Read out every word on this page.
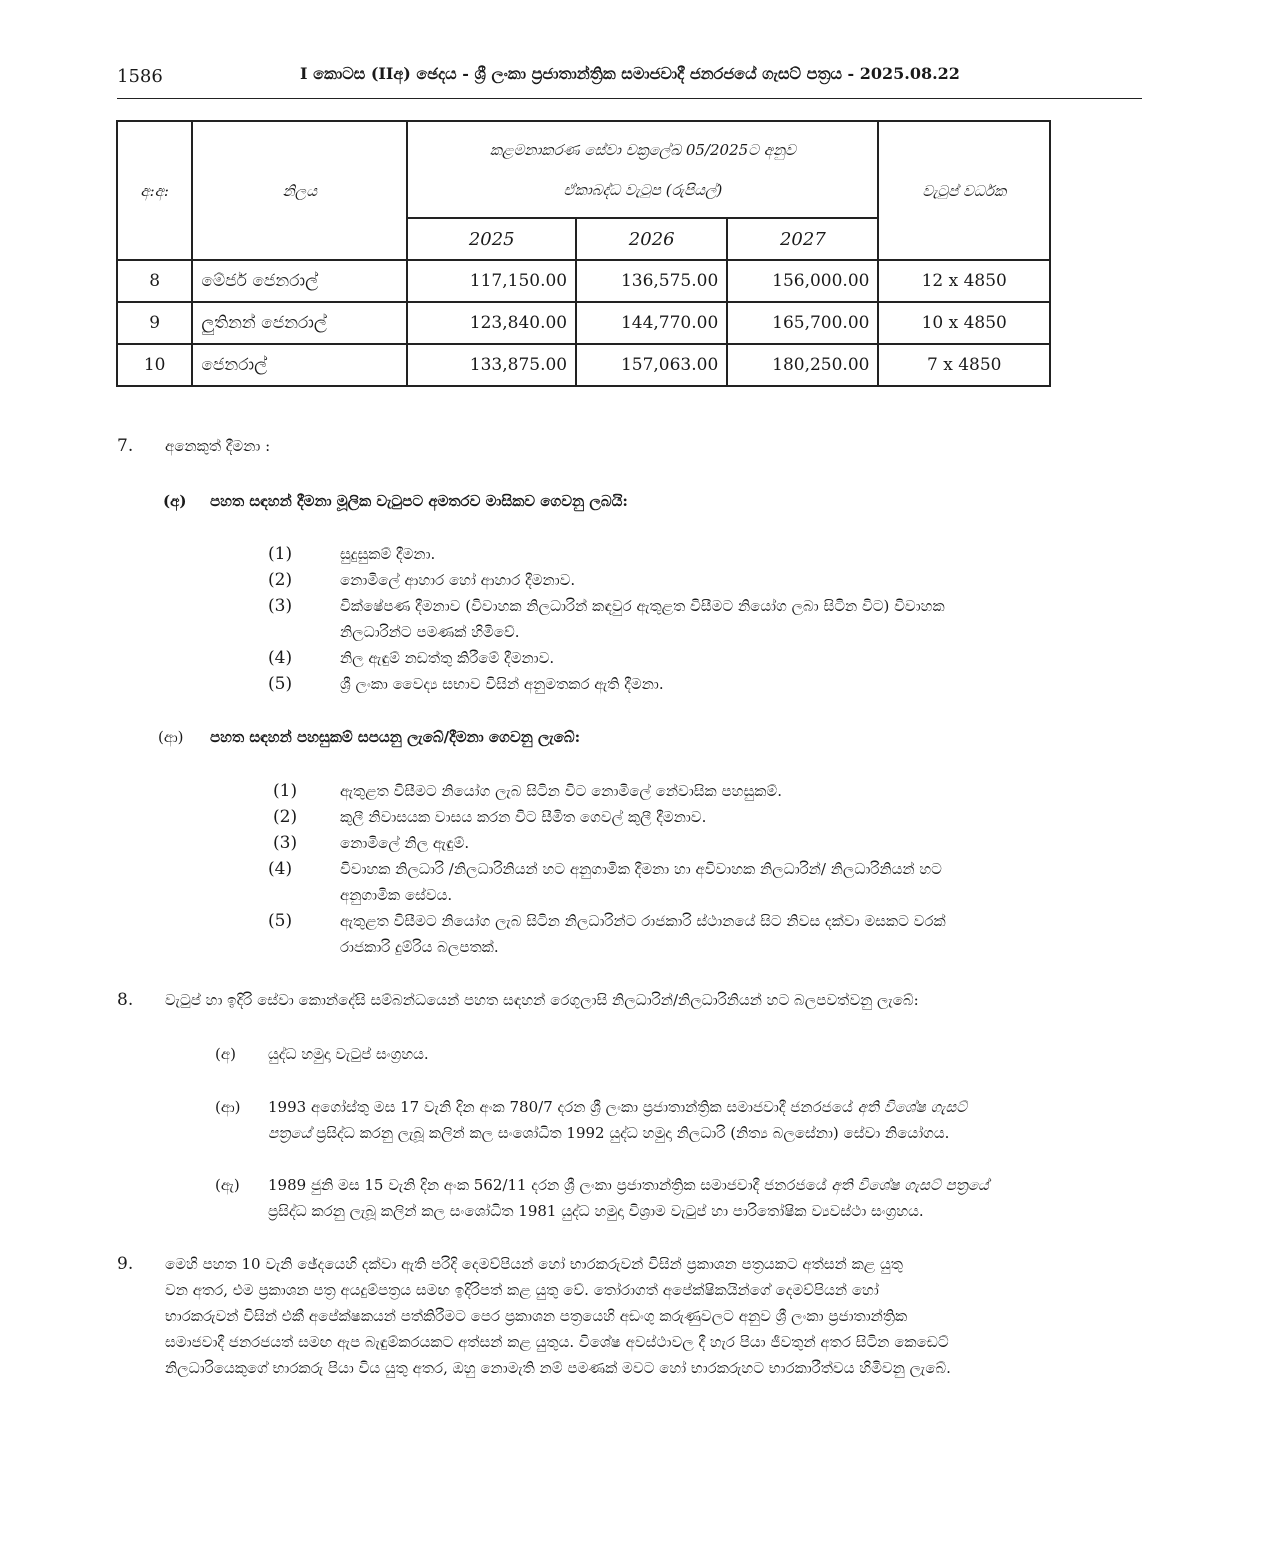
1586	I කොටස (IIඅ) ඡෙදය - ශ්‍රී ලංකා ප්‍රජාතාන්ත්‍රික සමාජවාදී ජනරජයේ ගැසට් පත්‍රය - 2025.08.22
අ:අ:	නිලය	කළමනාකරණ සේවා චක්‍රලේඛ 05/2025ට අනුව
ඒකාබද්ධ වැටුප (රුපියල්)			වැටුප් වර්ධක
		2025	2026	2027	
8	මේජර් ජෙනරාල්	117,150.00	136,575.00	156,000.00	12 x 4850
9	ලුතිනන් ජෙනරාල්	123,840.00	144,770.00	165,700.00	10 x 4850
10	ජෙනරාල්	133,875.00	157,063.00	180,250.00	7 x 4850
7. අනෙකුත් දීමනා :
(අ) පහත සඳහන් දීමනා මූලික වැටුපට අමතරව මාසිකව ගෙවනු ලබයි:
(1)	සුදුසුකම් දීමනා.
(2)	නොමිලේ ආහාර හෝ ආහාර දීමනාව.
(3)	වික්ෂේපණ දීමනාව (විවාහක නිලධාරින් කඳවුර ඇතුළත විසීමට නියෝග ලබා සිටින විට) විවාහක
නිලධාරින්ට පමණක් හිමිවේ.
(4)	නිල ඇඳුම් නඩත්තු කිරීමේ දීමනාව.
(5)	ශ්‍රී ලංකා වෛද්‍ය සභාව විසින් අනුමතකර ඇති දීමනා.
(ආ) පහත සඳහන් පහසුකම් සපයනු ලැබේ/දීමනා ගෙවනු ලැබේ:
(1)	ඇතුළත විසීමට නියෝග ලැබ සිටින විට නොමිලේ නේවාසික පහසුකම්.
(2)	කුලී නිවාසයක වාසය කරන විට සීමිත ගෙවල් කුලී දීමනාව.
(3)	නොමිලේ නිල ඇඳුම්.
(4)	විවාහක නිලධාරි /නිලධාරිනියන් හට අනුගාමික දීමනා හා අවිවාහක නිලධාරින්/ නිලධාරිනියන් හට
අනුගාමික සේවය.
(5)	ඇතුළත විසීමට නියෝග ලැබ සිටින නිලධාරින්ට රාජකාරි ස්ථානයේ සිට නිවස දක්වා මසකට වරක්
රාජකාරි දුම්රිය බලපතක්.
8. වැටුප් හා ඉදිරි සේවා කොන්දේසි සම්බන්ධයෙන් පහත සඳහන් රෙගුලාසි නිලධාරින්/නිලධාරිනියන් හට බලපවත්වනු ලැබේ:
(අ) යුද්ධ හමුදා වැටුප් සංග්‍රහය.
(ආ) 1993 අගෝස්තු මස 17 වැනි දින අංක 780/7 දරන ශ්‍රී ලංකා ප්‍රජාතාන්ත්‍රික සමාජවාදී ජනරජයේ අති විශේෂ ගැසට්
පත්‍රයේ ප්‍රසිද්ධ කරනු ලැබූ කලින් කල සංශෝධිත 1992 යුද්ධ හමුදා නිලධාරි (නිත්‍ය බලසේනා) සේවා නියෝගය.
(ඇ) 1989 ජුනි මස 15 වැනි දින අංක 562/11 දරන ශ්‍රී ලංකා ප්‍රජාතාන්ත්‍රික සමාජවාදී ජනරජයේ අති විශේෂ ගැසට් පත්‍රයේ
ප්‍රසිද්ධ කරනු ලැබූ කලින් කල සංශෝධිත 1981 යුද්ධ හමුදා විශ්‍රාම වැටුප් හා පාරිතෝෂික ව්‍යවස්ථා සංග්‍රහය.
9. මෙහි පහත 10 වැනි ඡේදයෙහි දක්වා ඇති පරිදි දෙමව්පියන් හෝ භාරකරුවන් විසින් ප්‍රකාශන පත්‍රයකට අත්සන් කළ යුතු
වන අතර, එම ප්‍රකාශන පත්‍ර අයදුම්පත්‍රය සමඟ ඉදිරිපත් කළ යුතු වේ. තෝරාගත් අපේක්ෂිකයින්ගේ දෙමව්පියන් හෝ
භාරකරුවන් විසින් එකී අපේක්ෂකයන් පත්කිරීමට පෙර ප්‍රකාශන පත්‍රයෙහි අඩංගු කරුණුවලට අනුව ශ්‍රී ලංකා ප්‍රජාතාන්ත්‍රික
සමාජවාදී ජනරජයත් සමඟ ඇප බැඳුම්කරයකට අත්සන් කළ යුතුය. විශේෂ අවස්ථාවල දී හැර පියා ජීවතුන් අතර සිටින කෙඩෙට්
නිලධාරියෙකුගේ භාරකරු පියා විය යුතු අතර, ඔහු නොමැති නම් පමණක් මවට හෝ භාරකරුහට භාරකාරීත්වය හිමිවනු ලැබේ.
